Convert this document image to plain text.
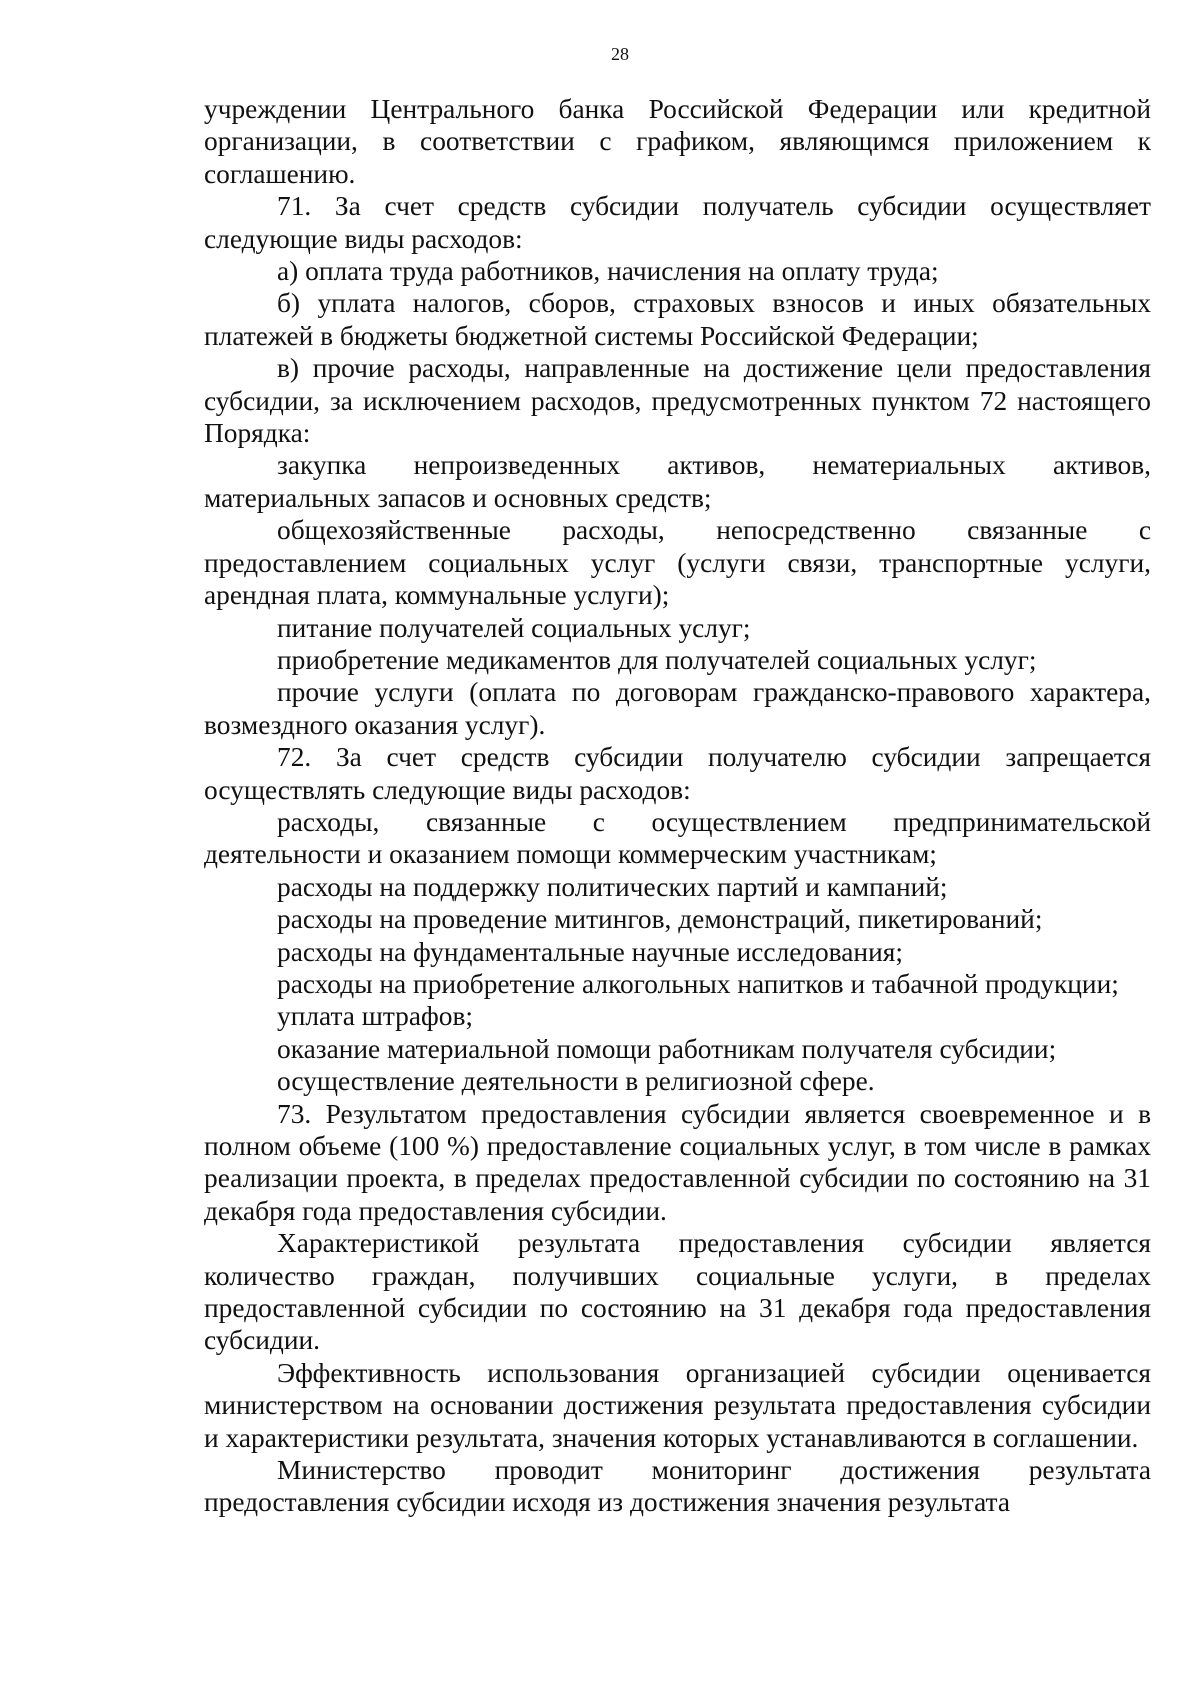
28

учреждении Центрального банка Российской Федерации или кредитной организации, в соответствии с графиком, являющимся приложением к соглашению.

71. За счет средств субсидии получатель субсидии осуществляет следующие виды расходов:

а) оплата труда работников, начисления на оплату труда;

б) уплата налогов, сборов, страховых взносов и иных обязательных платежей в бюджеты бюджетной системы Российской Федерации;

в) прочие расходы, направленные на достижение цели предоставления субсидии, за исключением расходов, предусмотренных пунктом 72 настоящего Порядка:

закупка непроизведенных активов, нематериальных активов, материальных запасов и основных средств;

общехозяйственные расходы, непосредственно связанные с предоставлением социальных услуг (услуги связи, транспортные услуги, арендная плата, коммунальные услуги);

питание получателей социальных услуг;

приобретение медикаментов для получателей социальных услуг;

прочие услуги (оплата по договорам гражданско-правового характера, возмездного оказания услуг).

72. За счет средств субсидии получателю субсидии запрещается осуществлять следующие виды расходов:

расходы, связанные с осуществлением предпринимательской деятельности и оказанием помощи коммерческим участникам;

расходы на поддержку политических партий и кампаний;

расходы на проведение митингов, демонстраций, пикетирований;

расходы на фундаментальные научные исследования;

расходы на приобретение алкогольных напитков и табачной продукции;

уплата штрафов;

оказание материальной помощи работникам получателя субсидии;

осуществление деятельности в религиозной сфере.

73. Результатом предоставления субсидии является своевременное и в полном объеме (100 %) предоставление социальных услуг, в том числе в рамках реализации проекта, в пределах предоставленной субсидии по состоянию на 31 декабря года предоставления субсидии.

Характеристикой результата предоставления субсидии является количество граждан, получивших социальные услуги, в пределах предоставленной субсидии по состоянию на 31 декабря года предоставления субсидии.

Эффективность использования организацией субсидии оценивается министерством на основании достижения результата предоставления субсидии и характеристики результата, значения которых устанавливаются в соглашении.

Министерство проводит мониторинг достижения результата предоставления субсидии исходя из достижения значения результата
